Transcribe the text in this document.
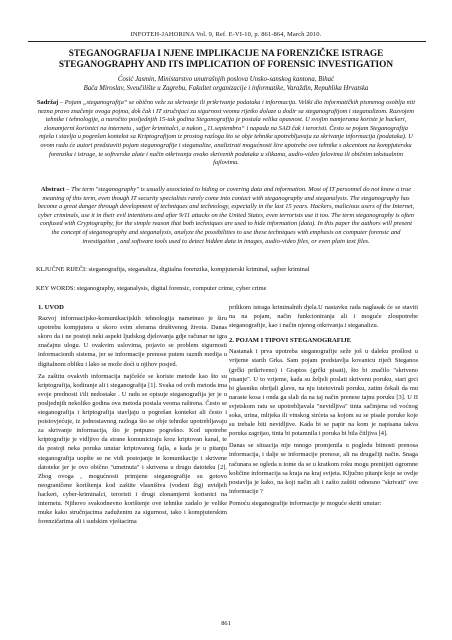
INFOTEH-JAHORINA Vol. 9, Ref. E-VI-10, p. 861-864, March 2010.
STEGANOGRAFIJA I NJENE IMPLIKACIJE NA FORENZIČKE ISTRAGE
STEGANOGRAPHY AND ITS IMPLICATION OF FORENSIC INVESTIGATION
Ćosić Jasmin, Ministarstvo unutrašnjih poslova Unsko-sanskog kantona, Bihać
Bača Miroslav, Sveučilište u Zagrebu, Fakultet organizacije i informatike, Varaždin, Republika Hrvatska
Sadržaj – Pojam „steganografija“ se obično veže za skrivanje ili prikrivanje podataka i informacija. Veliki dio informatičkih pismenog osoblja niti nezna pravo značenje ovoga pojma, dok čak i IT stručnjaci za sigurnost veoma rijetko dolaze u dodir sa steganografijom i steganalizom. Razvojem tehnike i tehnologije, a naročito posljednjih 15-tak godina Steganografija je postala velika opasnost. U svojim namjerama koriste je hackeri, zlonamjerni korisnici na internetu , safjer kriminalci, a nakon „11.septembra“ i napada na SAD čak i teroristi. Često se pojam Steganografija mješa i stavlja u pogrešan kontekst sa Kriptografijom iz prostog razloga što se obje tehnike upotrebljavaju za skrivanje informacija (podataka). U ovom radu će autori predstaviti pojam steganografije i steganalize, analizirati mogućnosti šire upotrebe ove tehnike s akcentom na kompjutersku forenziku i istrage, te softverske alate i način otkrivanja ovako skrivenih podataka u slikama, audio-video falovima ili običnim tekstualnim fajlovima.
Abstract – The term "steganography" is usually associated to hiding or covering data and information. Most of IT personnel do not know a true meaning of this term, even though IT security specialists rarely come into contact with steganography and steganalysis. The steganography has become a great danger through development of techniques and technology, especially in the last 15 years. Hackers, malicious users of the Internet, cyber criminals, use it in their evil intentions and after 9/11 attacks on the United States, even terrorists use it too. The term steganography is often confused with Cryptography, for the simple reason that both techniques are used to hide information (data). In this paper the authors will present the concept of steganography and steganalysis, analyze the possibilities to use these techniques with emphasis on computer forensic and investigation , and software tools used to detect hidden data in images, audio-video files, or even plain text files.
KLJUČNE RIJEČI: steganografija, steganaliza, digitalna forenzika, kompjuterski kriminal, sajber kriminal
KEY WORDS: steganography, steganalysis, digital forensic, computer crime, cyber crime
1. UVOD

Razvoj informacijsko-komunikacijskih tehnologija nametnuo je širu upotrebu kompjutera u skoro svim sferama društvenog života. Danas skoro da i ne postoji neki aspekt ljudskog djelovanja gdje računar ne igra značajnu ulogu. U ovakvim uslovima, pojavio se problem sigurnosti informacionih sistema, jer se informacije prenose putem raznih medija u digitalnom obliku i lako se može doći u njihov posjed.

Za zaštitu ovakvih informacija najčešće se koriste metode kao što su kriptografija, kodiranje ali i steganografija [1]. Svaka od ovih metoda ima svoje prednosti i/ili nedostake . U radu se opisuje steganografija jer je u posljednjih nekoliko godina ova metoda postala veoma raširena. Često se steganografija i kriptografija stavljaju u pogrešan kontekst ali često i poistovjećuje, iz jednostavnog razloga što se obje tehnike upotrebljavaju za skrivanje informacija, što je potpuno pogrešno. Kod upotrebe kriptografije je vidljivo da strane komuniciraju kroz kriptovan kanal, te da postoji neka poruka unutar kriptovanog fajla, a kada je u pitanju steganografija uopšte se ne vidi postojanje te komunikacije i skrivene datoteke jer je ovo obično "umetnuta" i skrivena u drugu datoteku [2]. Zbog ovoga , mogućnosti primjene steganografije su gotovo neograničene korištenja kod zaštite vlasništva (vodeni žig) uvidjeli hackeri, cyber-kriminalci, teroristi i drugi zlonamjerni korisnici na internetu. Njihovo svakodnevno korištenje ove tehnike zadalo je velike muke kako stručnjacima zaduženim za sigurnost, tako i kompjuterskim forenzičarima ali i sudskim vještacima

prilikom istraga kriminalnih djela.U nastavku rada naglasak će se staviti na na pojam, način funkcioniranja ali i moguće zloupotrebe steganografije, kao i način njenog otkrivanja i steganalizu.

2. POJAM I TIPOVI STEGANOGRAFIJE

Nastanak i prva upotreba steganografije seže još u daleku prošlost u vrijeme starih Grka. Sam pojam predstavlja kovanicu riječi Steganos (grčki prikriveno) i Graptos (grčki pisati), što bi značilo "skriveno pisanje". U to vrijeme, kada su željeli poslati skrivenu poruku, stari grci bi glasniku obrijali glavu, na nju istetovirali poruku, zatim čekali da mu naraste kosa i onda ga slali da na taj način prenese tajnu poruku [3]. U II svjetskom ratu se upotrebljavala "nevidljiva" tinta sačinjena od voćnog soka, urina, mlijeka ili vinskog sirćeta sa kojom su se pisale poruke koje su trebale biti nevidljive. Kada bi se papir na kom je napisana takva poruka zagrijao, tinta bi potamnila i poruka bi bila čitljiva [4].

Danas se situacija nije mnogo promjenila u pogledu bitnosti prenosa informacija, i dalje se informacije prenose, ali na drugačiji način. Snaga računara se ogleda u tome da se u kratkom roku mogu preniijeti ogromne količine informacija sa kraja na kraj svijeta. Ključno pitanje koje se ovdje postavlja je kako, na koji način ali i zašto zaštiti odnosno "skrivati" ove informacije ?

Pomoću steganografije informacije je moguće skriti unutar:

861
